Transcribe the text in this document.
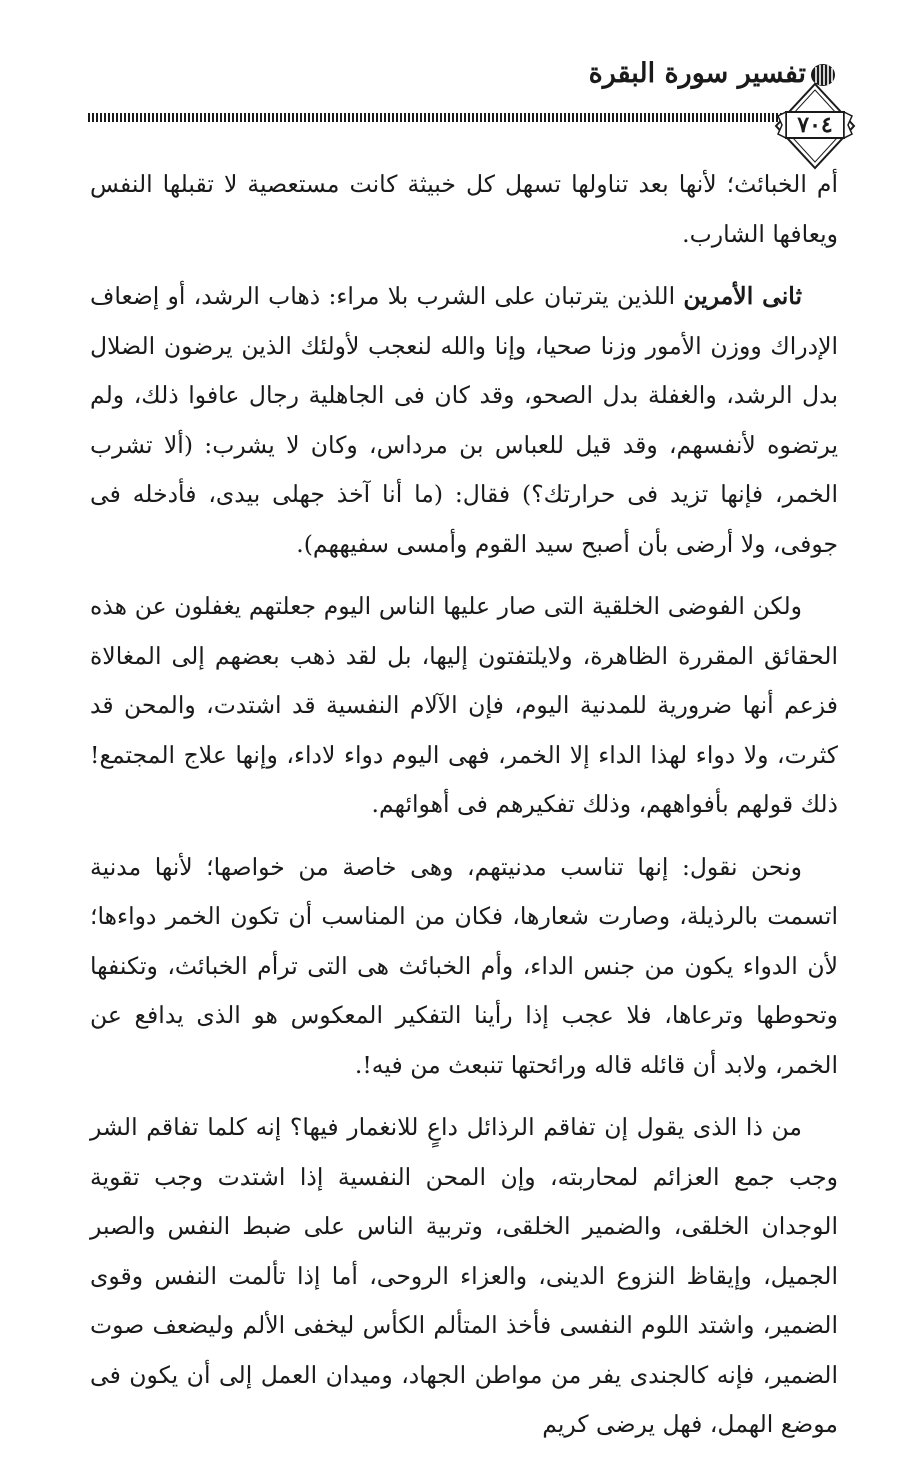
تفسير سورة البقرة
٧٠٤

أم الخبائث؛ لأنها بعد تناولها تسهل كل خبيثة كانت مستعصية لا تقبلها النفس ويعافها الشارب.

ثانى الأمرين اللذين يترتبان على الشرب بلا مراء: ذهاب الرشد، أو إضعاف الإدراك ووزن الأمور وزنا صحيا، وإنا والله لنعجب لأولئك الذين يرضون الضلال بدل الرشد، والغفلة بدل الصحو، وقد كان فى الجاهلية رجال عافوا ذلك، ولم يرتضوه لأنفسهم، وقد قيل للعباس بن مرداس، وكان لا يشرب: (ألا تشرب الخمر، فإنها تزيد فى حرارتك؟) فقال: (ما أنا آخذ جهلى بيدى، فأدخله فى جوفى، ولا أرضى بأن أصبح سيد القوم وأمسى سفيههم).

ولكن الفوضى الخلقية التى صار عليها الناس اليوم جعلتهم يغفلون عن هذه الحقائق المقررة الظاهرة، ولايلتفتون إليها، بل لقد ذهب بعضهم إلى المغالاة فزعم أنها ضرورية للمدنية اليوم، فإن الآلام النفسية قد اشتدت، والمحن قد كثرت، ولا دواء لهذا الداء إلا الخمر، فهى اليوم دواء لاداء، وإنها علاج المجتمع! ذلك قولهم بأفواههم، وذلك تفكيرهم فى أهوائهم.

ونحن نقول: إنها تناسب مدنيتهم، وهى خاصة من خواصها؛ لأنها مدنية اتسمت بالرذيلة، وصارت شعارها، فكان من المناسب أن تكون الخمر دواءها؛ لأن الدواء يكون من جنس الداء، وأم الخبائث هى التى ترأم الخبائث، وتكنفها وتحوطها وترعاها، فلا عجب إذا رأينا التفكير المعكوس هو الذى يدافع عن الخمر، ولابد أن قائله قاله ورائحتها تنبعث من فيه!.

من ذا الذى يقول إن تفاقم الرذائل داعٍ للانغمار فيها؟ إنه كلما تفاقم الشر وجب جمع العزائم لمحاربته، وإن المحن النفسية إذا اشتدت وجب تقوية الوجدان الخلقى، والضمير الخلقى، وتربية الناس على ضبط النفس والصبر الجميل، وإيقاظ النزوع الدينى، والعزاء الروحى، أما إذا تألمت النفس وقوى الضمير، واشتد اللوم النفسى فأخذ المتألم الكأس ليخفى الألم وليضعف صوت الضمير، فإنه كالجندى يفر من مواطن الجهاد، وميدان العمل إلى أن يكون فى موضع الهمل، فهل يرضى كريم
